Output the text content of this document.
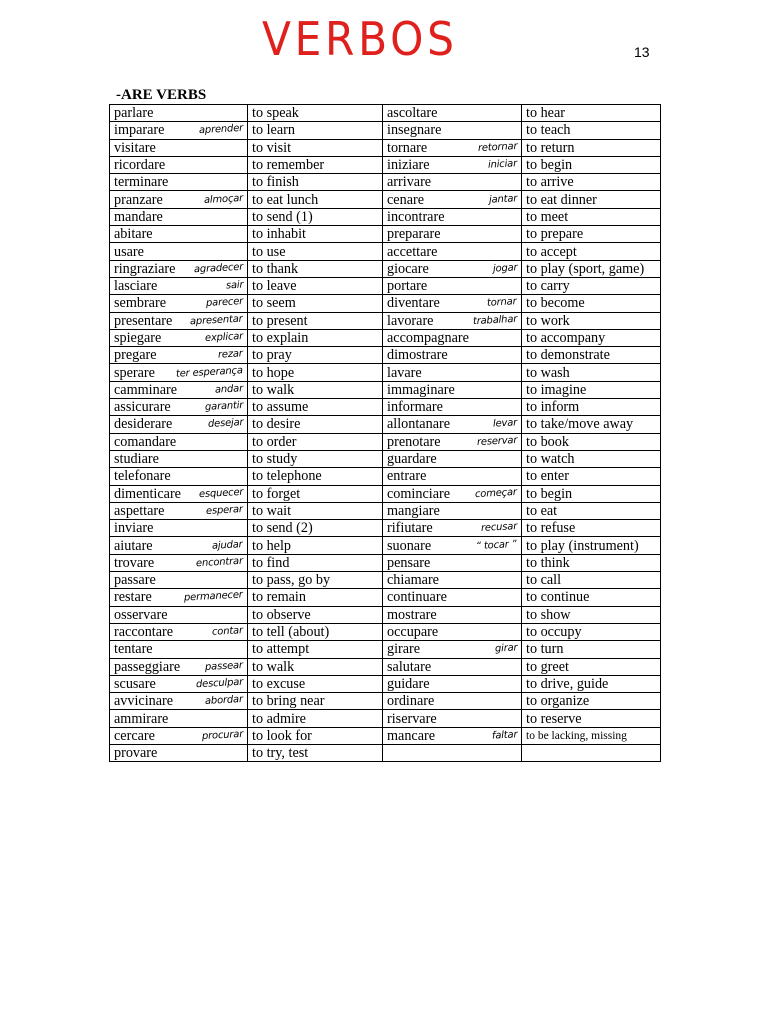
VERBOS	13
-ARE VERBS
parlare	to speak	ascoltare	to hear

imparare aprender	to learn	insegnare	to teach

visitare	to visit	tornare retornar	to return

ricordare	to remember	iniziare iniciar	to begin

terminare	to finish	arrivare	to arrive

pranzare almoçar	to eat lunch	cenare jantar	to eat dinner

mandare	to send (1)	incontrare	to meet

abitare	to inhabit	preparare	to prepare

usare	to use	accettare	to accept

ringraziare agradecer	to thank	giocare jogar	to play (sport, game)

lasciare sair	to leave	portare	to carry

sembrare parecer	to seem	diventare tornar	to become

presentare apresentar	to present	lavorare trabalhar	to work

spiegare explicar	to explain	accompagnare	to accompany

pregare rezar	to pray	dimostrare	to demonstrate

sperare ter esperança	to hope	lavare	to wash

camminare andar	to walk	immaginare	to imagine

assicurare garantir	to assume	informare	to inform

desiderare desejar	to desire	allontanare levar	to take/move away

comandare	to order	prenotare reservar	to book

studiare	to study	guardare	to watch

telefonare	to telephone	entrare	to enter

dimenticare esquecer	to forget	cominciare começar	to begin

aspettare esperar	to wait	mangiare	to eat

inviare	to send (2)	rifiutare recusar	to refuse

aiutare ajudar	to help	suonare “ tocar ”	to play (instrument)

trovare encontrar	to find	pensare	to think

passare	to pass, go by	chiamare	to call

restare permanecer	to remain	continuare	to continue

osservare	to observe	mostrare	to show

raccontare contar	to tell (about)	occupare	to occupy

tentare	to attempt	girare girar	to turn

passeggiare passear	to walk	salutare	to greet

scusare desculpar	to excuse	guidare	to drive, guide

avvicinare abordar	to bring near	ordinare	to organize

ammirare	to admire	riservare	to reserve

cercare procurar	to look for	mancare faltar	to be lacking, missing

provare	to try, test	
